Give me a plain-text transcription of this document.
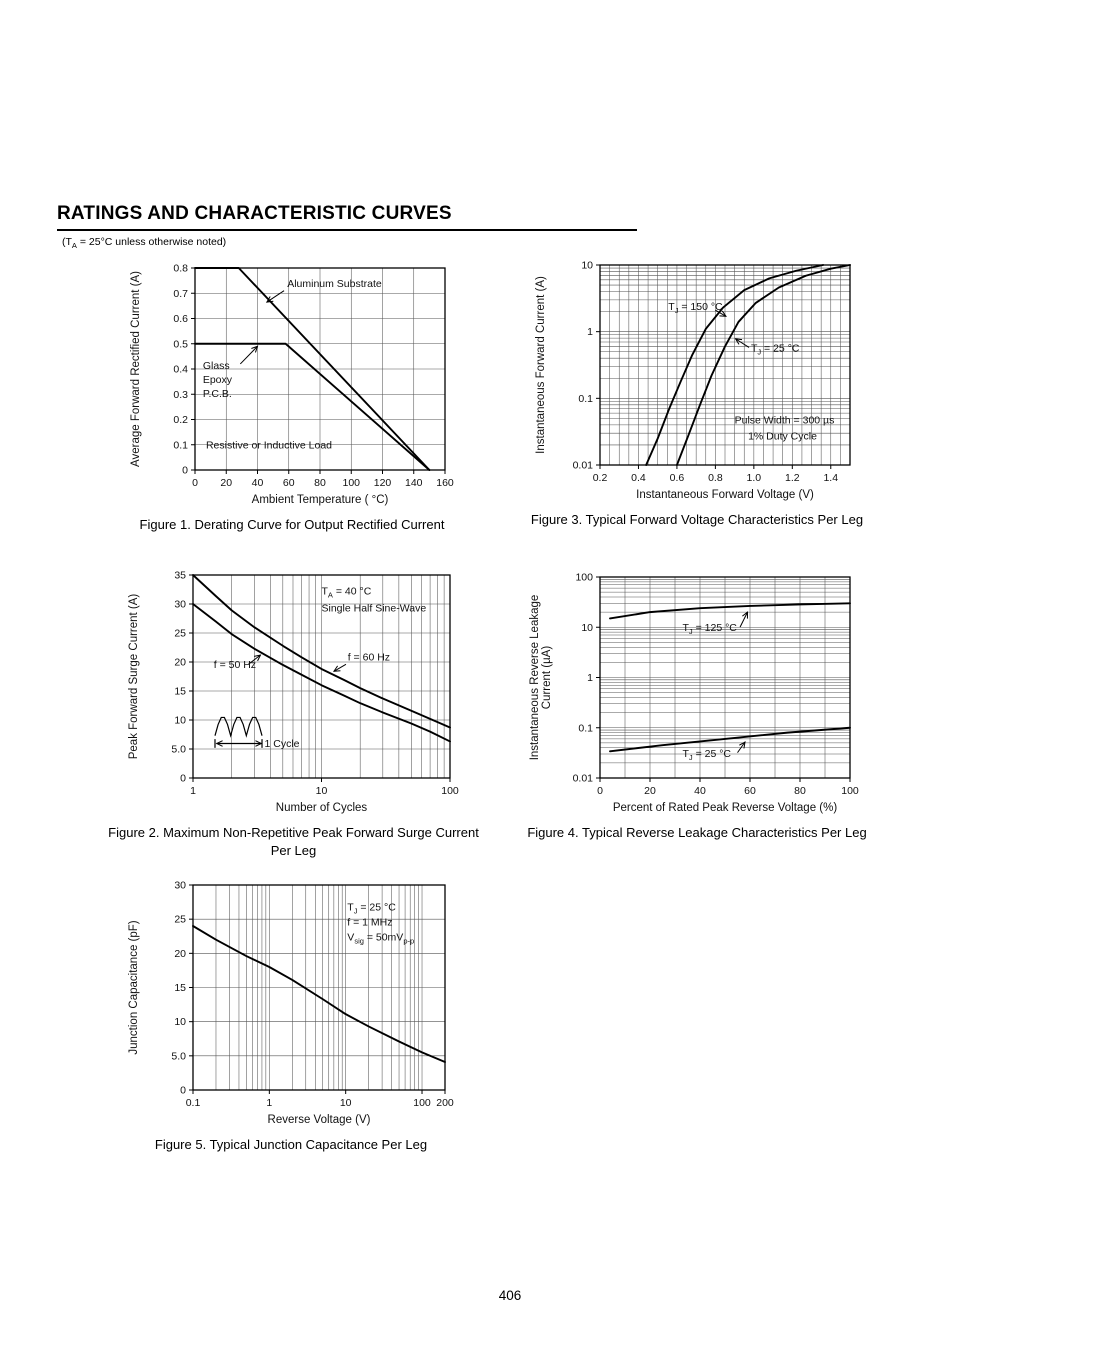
RATINGS AND CHARACTERISTIC CURVES
($T_A = 25^\circ C$ unless otherwise noted)
0 20 40 60 80 100 120 140 160
0
0.1
0.2
0.3
0.4
0.5
0.6
0.7
0.8
Ambient Temperature ( °C)
Average Forward Rectified Current (A)	Aluminum Substrate
Glass
Epoxy
P.C.B.
Resistive or Inductive Load
Figure 1. Derating Curve for Output Rectified Current
1	10	100
0
5.0
10
15
20
25
30
35
Number of Cycles
Peak Forward Surge Current (A)
$T_A = 40$ °C
Single Half Sine-Wave
f = 60 Hz
f = 50 Hz
1 Cycle
Figure 2. Maximum Non-Repetitive Peak Forward Surge Current
Per Leg
0.2 0.4 0.6 0.8 1.0 1.2 1.4
0.01
0.1
1
10
Instantaneous Forward Voltage (V)
Instantaneous Forward Current (A)	$T_J = 150$ °C
$T_J = 25$ °C
Pulse Width = 300 µs
1% Duty Cycle
Figure 3. Typical Forward Voltage Characteristics Per Leg
0	20	40	60	80	100
0.01
0.1
1
10
100
Percent of Rated Peak Reverse Voltage (%)
Instantaneous Reverse Leakage Current (µA)
$T_J = 125$ °C
$T_J = 25$ °C
Figure 4. Typical Reverse Leakage Characteristics Per Leg
0.1	1	10	100 200
0
5.0
10
15
20
25
30
Reverse Voltage (V)
Junction Capacitance (pF)
$T_J = 25$ °C
f = 1 MHz
$V_{sig} = 50mV_{p-p}$
Figure 5. Typical Junction Capacitance Per Leg
406
